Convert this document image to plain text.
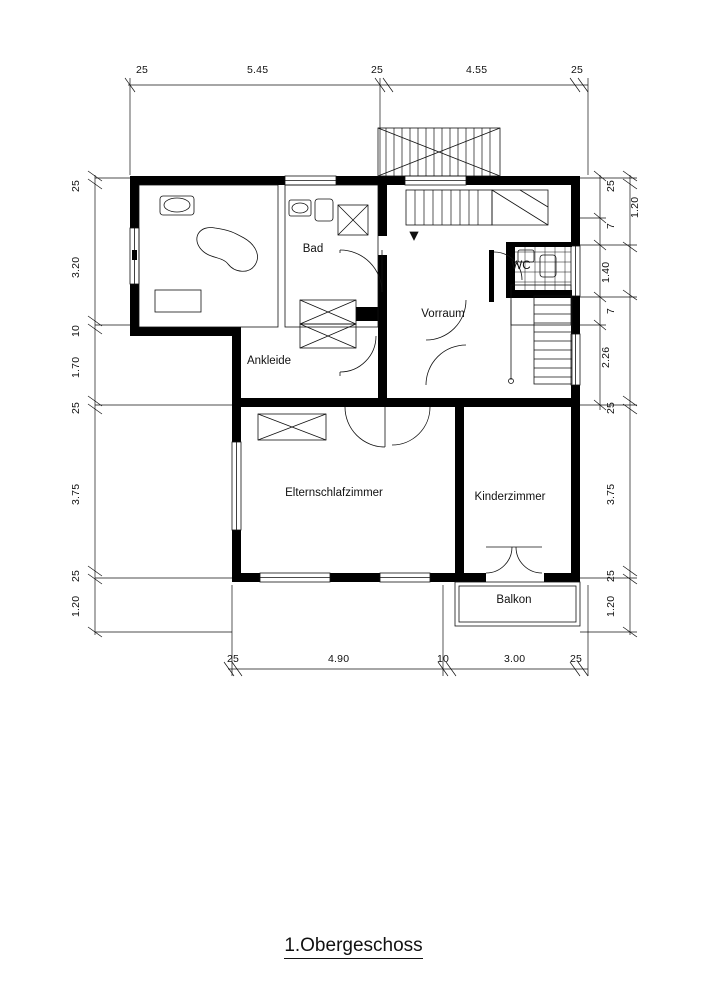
Bad
Ankleide
Vorraum
WC
Elternschlafzimmer	Kinderzimmer
Balkon
25	5.45	25	4.55	25
25	4.90	10	3.00	25
3.20
1.70
3.75
1.20
25
10
25
25
25
7
7
25
25
1.20
1.40
2.26
3.75
1.20
1.Obergeschoss
